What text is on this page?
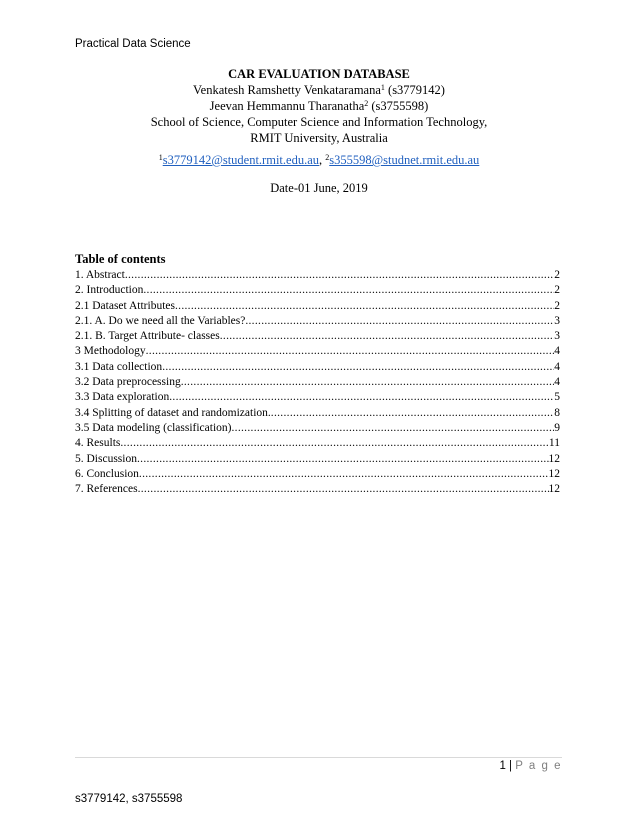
Practical Data Science
CAR EVALUATION DATABASE
Venkatesh Ramshetty Venkataramana$^1$ (s3779142)
Jeevan Hemmannu Tharanatha$^2$ (s3755598)
School of Science, Computer Science and Information Technology,
RMIT University, Australia
$^1$s3779142@student.rmit.edu.au, $^2$s355598@studnet.rmit.edu.au
Date-01 June, 2019
Table of contents
1. Abstract .....	2
2. Introduction .....	2
2.1 Dataset Attributes .....	2
2.1. A. Do we need all the Variables? .....	3
2.1. B. Target Attribute- classes .....	3
3 Methodology .....	4
3.1 Data collection .....	4
3.2 Data preprocessing .....	4
3.3 Data exploration .....	5
3.4 Splitting of dataset and randomization. .....	8
3.5 Data modeling (classification) .....	9
4. Results .....	11
5. Discussion .....	12
6. Conclusion .....	12
7. References .....	12
1 | P a g e
s3779142, s3755598
